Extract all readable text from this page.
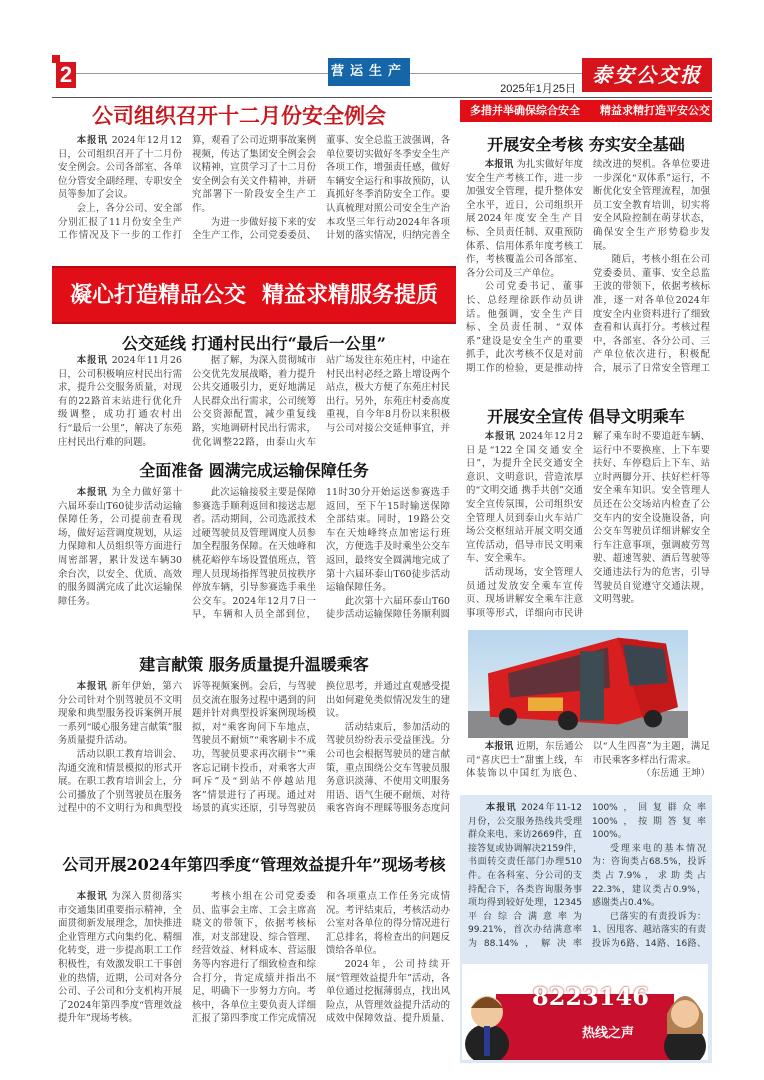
2	营运生产
2025年1月25日
泰安公交报
公司组织召开十二月份安全例会	多措并举确保综合安全 精益求精打造平安公交

本报讯 2024年12月12日，公司组织召开了十二月份安全例会。公司各部室、各单位分管安全副经理、专职安全员等参加了会议。

会上，各分公司、安全部分别汇报了11月份安全生产工作情况及下一步的工作打算，观看了公司近期事故案例视频，传达了集团安全例会会议精神，宣贯学习了十二月份安全例会有关文件精神，并研究部署下一阶段安全生产工作。

为进一步做好接下来的安全生产工作，公司党委委员、董事、安全总监王波强调，各单位要切实做好冬季安全生产各项工作，增强责任感，做好车辆安全运行和事故预防，认真抓好冬季消防安全工作。要认真梳理对照公司安全生产治本攻坚三年行动2024年各项计划的落实情况，归纳完善全

凝心打造精品公交 精益求精服务提质
公交延线 打通村民出行“最后一公里”

本报讯 2024年11月26日，公司积极响应村民出行需求，提升公交服务质量，对现有的22路首末站进行优化升级调整，成功打通农村出行“最后一公里”，解决了东苑庄村民出行难的问题。

据了解，为深入贯彻城市公交优先发展战略，着力提升公共交通吸引力，更好地满足人民群众出行需求，公司统筹公交资源配置，减少重复线路，实地调研村民出行需求，优化调整22路，由泰山火车站广场发往东苑庄村，中途在村民出村必经之路上增设两个站点，极大方便了东苑庄村民出行。另外，东苑庄村委高度重视，自今年8月份以来积极与公司对接公交延伸事宜，并

全面准备 圆满完成运输保障任务

本报讯 为全力做好第十六届环泰山T60徒步活动运输保障任务，公司提前查看现场，做好运营调度规划，从运力保障和人员组织等方面进行周密部署，累计发送车辆30余台次，以安全、优质、高效的服务圆满完成了此次运输保障任务。

此次运输接驳主要是保障参赛选手顺利返回和接送志愿者。活动期间，公司选派技术过硬驾驶员及管理调度人员参加全程服务保障。在天烛峰和桃花峪停车场设置值班点，管理人员现场指挥驾驶员按秩序停放车辆，引导参赛选手乘坐公交车。2024年12月7日一早，车辆和人员全部到位，11时30分开始运送参赛选手返回，至下午15时输送保障全部结束。同时，19路公交车在天烛峰终点加密运行班次，方便选手及时乘坐公交车返回，最终安全圆满地完成了第十六届环泰山T60徒步活动运输保障任务。

此次第十六届环泰山T60徒步活动运输保障任务顺利圆

建言献策 服务质量提升温暖乘客

本报讯 新年伊始，第六分公司针对个别驾驶员不文明现象和典型服务投诉案例开展一系列“暖心服务建言献策”服务质量提升活动。

活动以职工教育培训会、沟通交流和情景模拟的形式开展。在职工教育培训会上，分公司播放了个别驾驶员在服务过程中的不文明行为和典型投诉等视频案例。会后，与驾驶员交流在服务过程中遇到的问题并针对典型投诉案例现场模拟，对“乘客询问下车地点，驾驶员不耐烦”“乘客刷卡不成功，驾驶员要求再次刷卡”“乘客忘记刷卡投币，对乘客大声呵斥”及“到站不停越站甩客”情景进行了再现。通过对场景的真实还原，引导驾驶员换位思考，并通过直观感受提出如何避免类似情况发生的建议。

活动结束后，参加活动的驾驶员纷纷表示受益匪浅。分公司也会根据驾驶员的建言献策，重点围绕公交车驾驶员服务意识淡薄、不使用文明服务用语、语气生硬不耐烦、对待乘客咨询不理睬等服务态度问

公司开展2024年第四季度“管理效益提升年”现场考核

本报讯 为深入贯彻落实市交通集团重要指示精神，全面贯彻新发展理念，加快推进企业管理方式向集约化、精细化转变，进一步提高职工工作积极性，有效激发职工干事创业的热情，近期，公司对各分公司、子公司和分支机构开展了2024年第四季度“管理效益提升年”现场考核。

考核小组在公司党委委员、监事会主席、工会主席高晓文的带领下，依据考核标准，对支部建设、综合管理、经营效益、材料成本、营运服务等内容进行了细致检查和综合打分，肯定成绩并指出不足，明确下一步努力方向。考核中，各单位主要负责人详细汇报了第四季度工作完成情况和各项重点工作任务完成情况。考评结束后，考核活动办公室对各单位的得分情况进行汇总排名，将检查出的问题反馈给各单位。

2024年，公司持续开展“管理效益提升年”活动，各单位通过挖掘薄弱点，找出风险点，从管理效益提升活动的成效中保障效益、提升质量、

开展安全考核 夯实安全基础

本报讯 为扎实做好年度安全生产考核工作，进一步加强安全管理，提升整体安全水平，近日，公司组织开展2024年度安全生产目标、全员责任制、双重预防体系、信用体系年度考核工作，考核覆盖公司各部室、各分公司及三产单位。

公司党委书记、董事长、总经理徐跃作动员讲话。他强调，安全生产目标、全员责任制、“双体系”建设是安全生产的重要抓手，此次考核不仅是对前期工作的检验，更是推动持续改进的契机。各单位要进一步深化“双体系”运行，不断优化安全管理流程，加强员工安全教育培训，切实将安全风险控制在萌芽状态，确保安全生产形势稳步发展。

随后，考核小组在公司党委委员、董事、安全总监王波的带领下，依据考核标准，逐一对各单位2024年度安全内业资料进行了细致查看和认真打分。考核过程中，各部室、各分公司、三产单位依次进行，积极配合，展示了日常安全管理工

开展安全宣传 倡导文明乘车

本报讯 2024年12月2日是“122全国交通安全日”，为提升全民交通安全意识、文明意识，营造浓厚的“文明交通 携手共创”交通安全宣传氛围，公司组织安全管理人员到泰山火车站广场公交枢纽站开展文明交通宣传活动，倡导市民文明乘车、安全乘车。

活动现场，安全管理人员通过发放安全乘车宣传页、现场讲解安全乘车注意事项等形式，详细向市民讲解了乘车时不要追赶车辆、运行中不要换座、上下车要扶好、车停稳后上下车、站立时两脚分开、扶好栏杆等安全乘车知识。安全管理人员还在公交场站内检查了公交车内的安全设施设备，向公交车驾驶员详细讲解安全行车注意事项，强调疲劳驾驶、超速驾驶、酒后驾驶等交通违法行为的危害，引导驾驶员自觉遵守交通法规，文明驾驶。

本报讯 近期，东岳通公司“喜庆巴士”甜蜜上线，车体装饰以中国红为底色、以“人生四喜”为主题，满足市民乘客多样出行需求。

（东岳通 王坤）

本报讯 2024年11-12月份，公交服务热线共受理群众来电、来访2669件，直接答复或协调解决2159件，书面转交责任部门办理510件。在各科室、分公司的支持配合下，各类咨询服务事项均得到较好处理，12345平台综合满意率为99.21%，首次办结满意率为88.14%，解决率100%，回复群众率100%，按期答复率100%。

受理来电的基本情况为：咨询类占68.5%，投诉类占7.9%，求助类占22.3%，建议类占0.9%，感谢类占0.4%。

已落实的有责投诉为：1、因甩客、越站落实的有责投诉为6路、14路、16路、

8223146
热线之声
